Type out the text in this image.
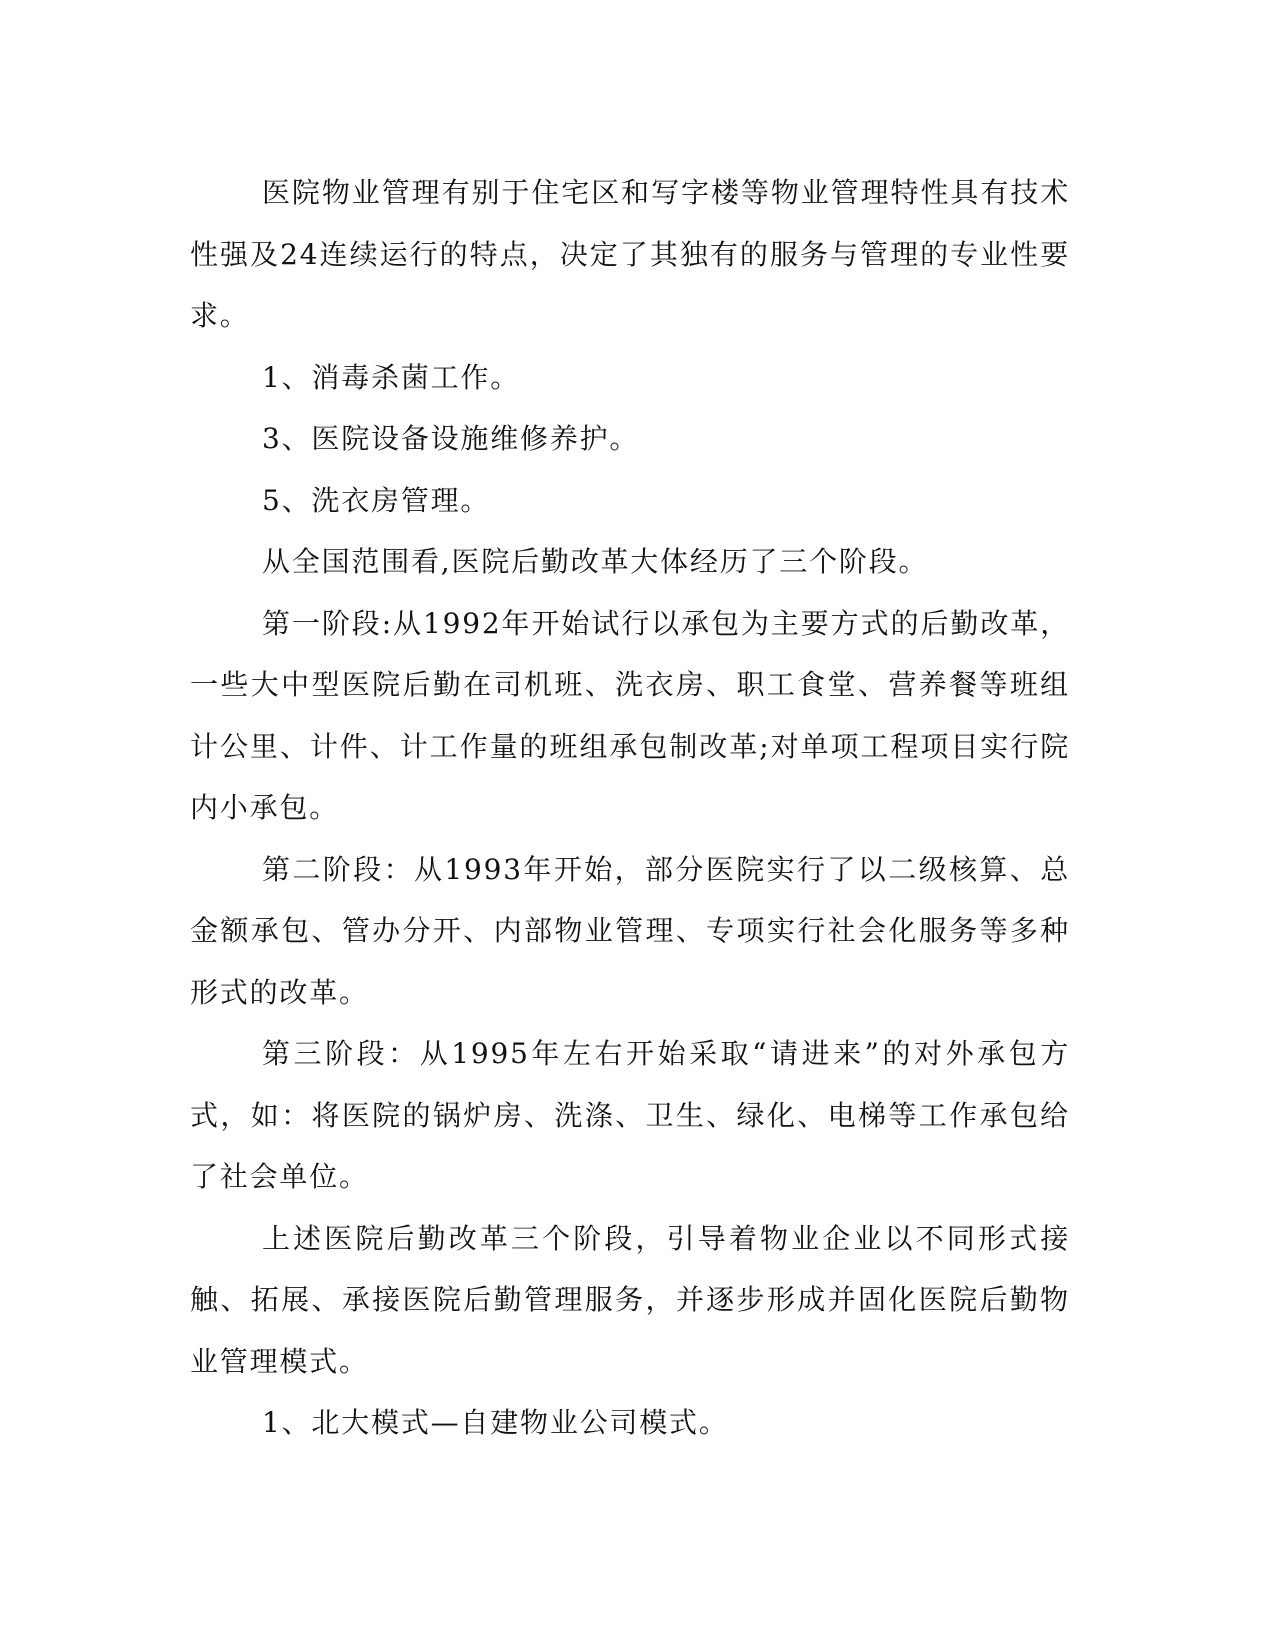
医院物业管理有别于住宅区和写字楼等物业管理特性具有技术性强及24连续运行的特点，决定了其独有的服务与管理的专业性要求。

1、消毒杀菌工作。

3、医院设备设施维修养护。

5、洗衣房管理。

从全国范围看,医院后勤改革大体经历了三个阶段。

第一阶段:从1992年开始试行以承包为主要方式的后勤改革，一些大中型医院后勤在司机班、洗衣房、职工食堂、营养餐等班组计公里、计件、计工作量的班组承包制改革;对单项工程项目实行院内小承包。

第二阶段：从1993年开始，部分医院实行了以二级核算、总金额承包、管办分开、内部物业管理、专项实行社会化服务等多种形式的改革。

第三阶段：从1995年左右开始采取“请进来”的对外承包方式，如：将医院的锅炉房、洗涤、卫生、绿化、电梯等工作承包给了社会单位。

上述医院后勤改革三个阶段，引导着物业企业以不同形式接触、拓展、承接医院后勤管理服务，并逐步形成并固化医院后勤物业管理模式。

1、北大模式—自建物业公司模式。
